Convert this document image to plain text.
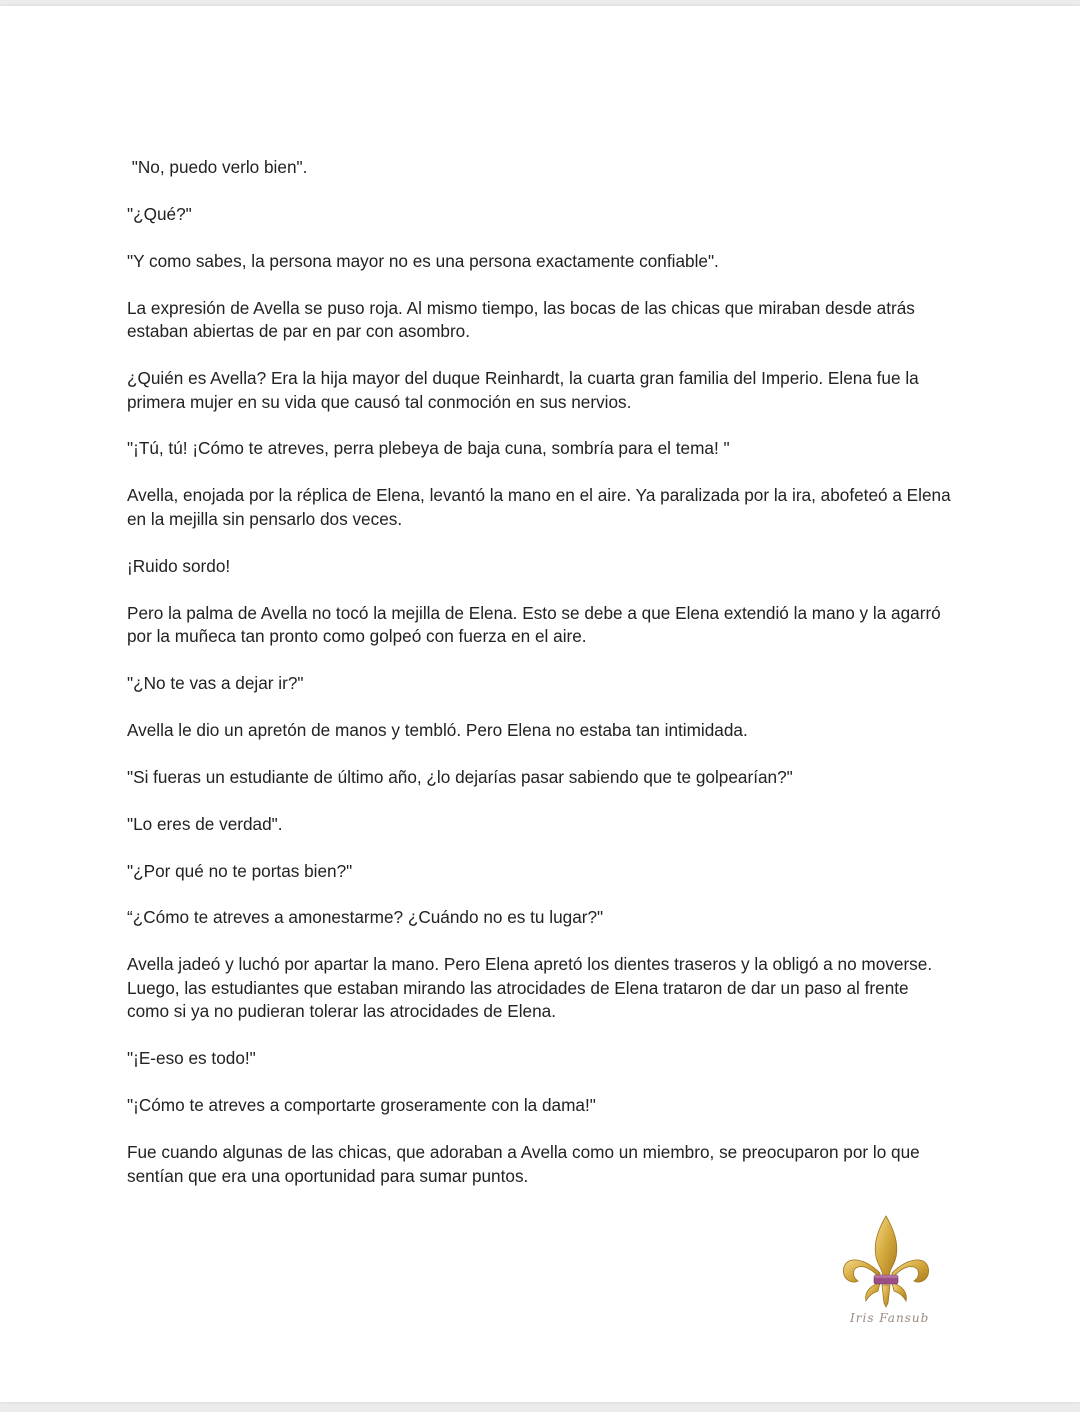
"No, puedo verlo bien".

"¿Qué?"

"Y como sabes, la persona mayor no es una persona exactamente confiable".

La expresión de Avella se puso roja. Al mismo tiempo, las bocas de las chicas que miraban desde atrás estaban abiertas de par en par con asombro.

¿Quién es Avella? Era la hija mayor del duque Reinhardt, la cuarta gran familia del Imperio. Elena fue la primera mujer en su vida que causó tal conmoción en sus nervios.

"¡Tú, tú! ¡Cómo te atreves, perra plebeya de baja cuna, sombría para el tema! "

Avella, enojada por la réplica de Elena, levantó la mano en el aire. Ya paralizada por la ira, abofeteó a Elena en la mejilla sin pensarlo dos veces.

¡Ruido sordo!

Pero la palma de Avella no tocó la mejilla de Elena. Esto se debe a que Elena extendió la mano y la agarró por la muñeca tan pronto como golpeó con fuerza en el aire.

"¿No te vas a dejar ir?"

Avella le dio un apretón de manos y tembló. Pero Elena no estaba tan intimidada.

"Si fueras un estudiante de último año, ¿lo dejarías pasar sabiendo que te golpearían?"

"Lo eres de verdad".

"¿Por qué no te portas bien?"

“¿Cómo te atreves a amonestarme? ¿Cuándo no es tu lugar?"

Avella jadeó y luchó por apartar la mano. Pero Elena apretó los dientes traseros y la obligó a no moverse. Luego, las estudiantes que estaban mirando las atrocidades de Elena trataron de dar un paso al frente como si ya no pudieran tolerar las atrocidades de Elena.

"¡E-eso es todo!"

"¡Cómo te atreves a comportarte groseramente con la dama!"

Fue cuando algunas de las chicas, que adoraban a Avella como un miembro, se preocuparon por lo que sentían que era una oportunidad para sumar puntos.

Iris Fansub
